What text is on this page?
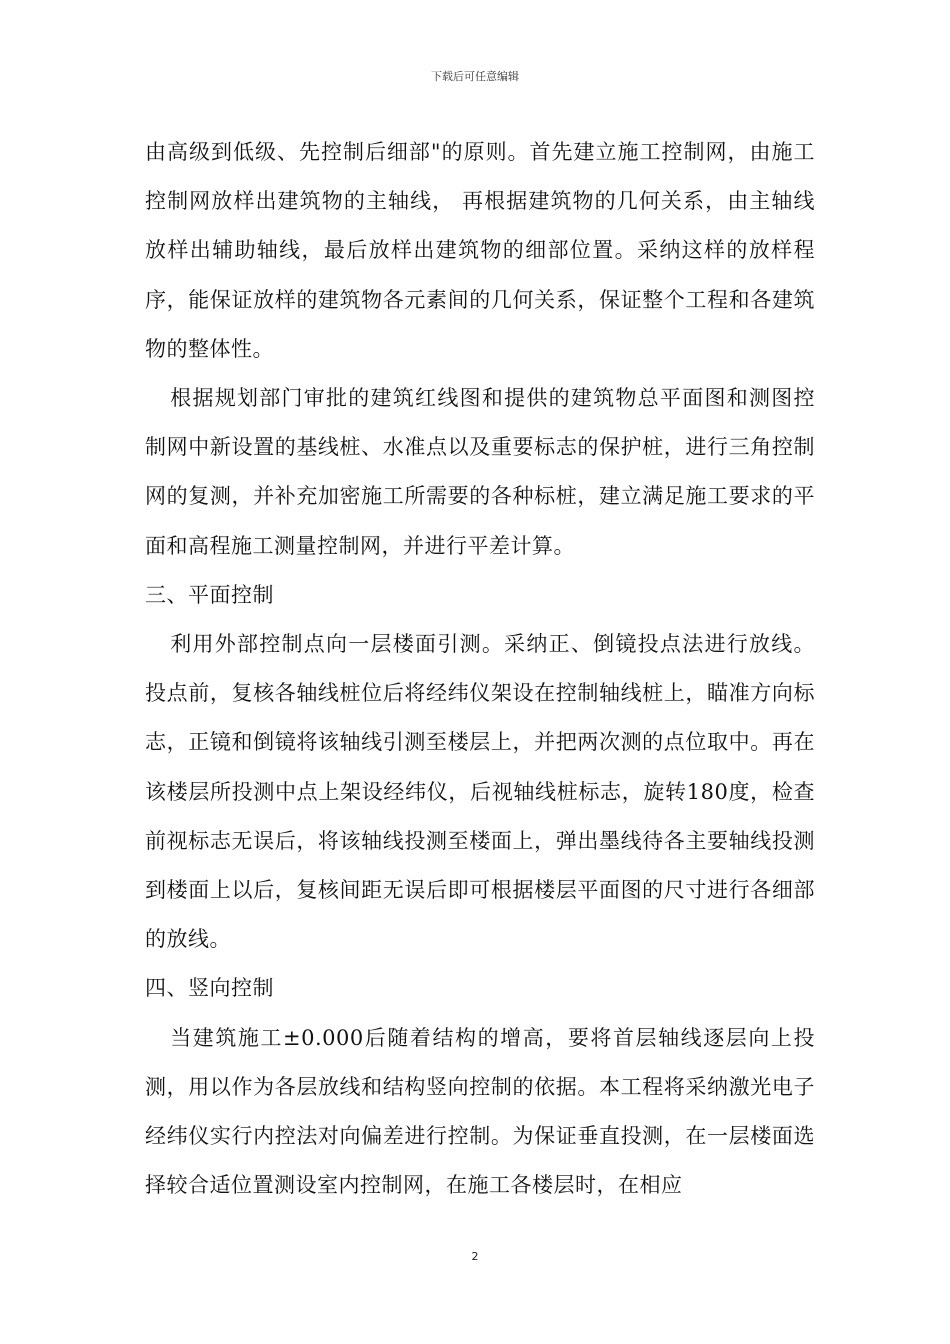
下载后可任意编辑

由高级到低级、先控制后细部"的原则。首先建立施工控制网，由施工控制网放样出建筑物的主轴线， 再根据建筑物的几何关系，由主轴线放样出辅助轴线，最后放样出建筑物的细部位置。采纳这样的放样程序，能保证放样的建筑物各元素间的几何关系，保证整个工程和各建筑物的整体性。

根据规划部门审批的建筑红线图和提供的建筑物总平面图和测图控制网中新设置的基线桩、水准点以及重要标志的保护桩，进行三角控制网的复测，并补充加密施工所需要的各种标桩，建立满足施工要求的平面和高程施工测量控制网，并进行平差计算。

三、平面控制

利用外部控制点向一层楼面引测。采纳正、倒镜投点法进行放线。投点前，复核各轴线桩位后将经纬仪架设在控制轴线桩上，瞄准方向标志，正镜和倒镜将该轴线引测至楼层上，并把两次测的点位取中。再在该楼层所投测中点上架设经纬仪，后视轴线桩标志，旋转180度，检查前视标志无误后，将该轴线投测至楼面上，弹出墨线待各主要轴线投测到楼面上以后，复核间距无误后即可根据楼层平面图的尺寸进行各细部的放线。

四、竖向控制

当建筑施工±0.000后随着结构的增高，要将首层轴线逐层向上投测，用以作为各层放线和结构竖向控制的依据。本工程将采纳激光电子经纬仪实行内控法对向偏差进行控制。为保证垂直投测，在一层楼面选择较合适位置测设室内控制网，在施工各楼层时，在相应

2
